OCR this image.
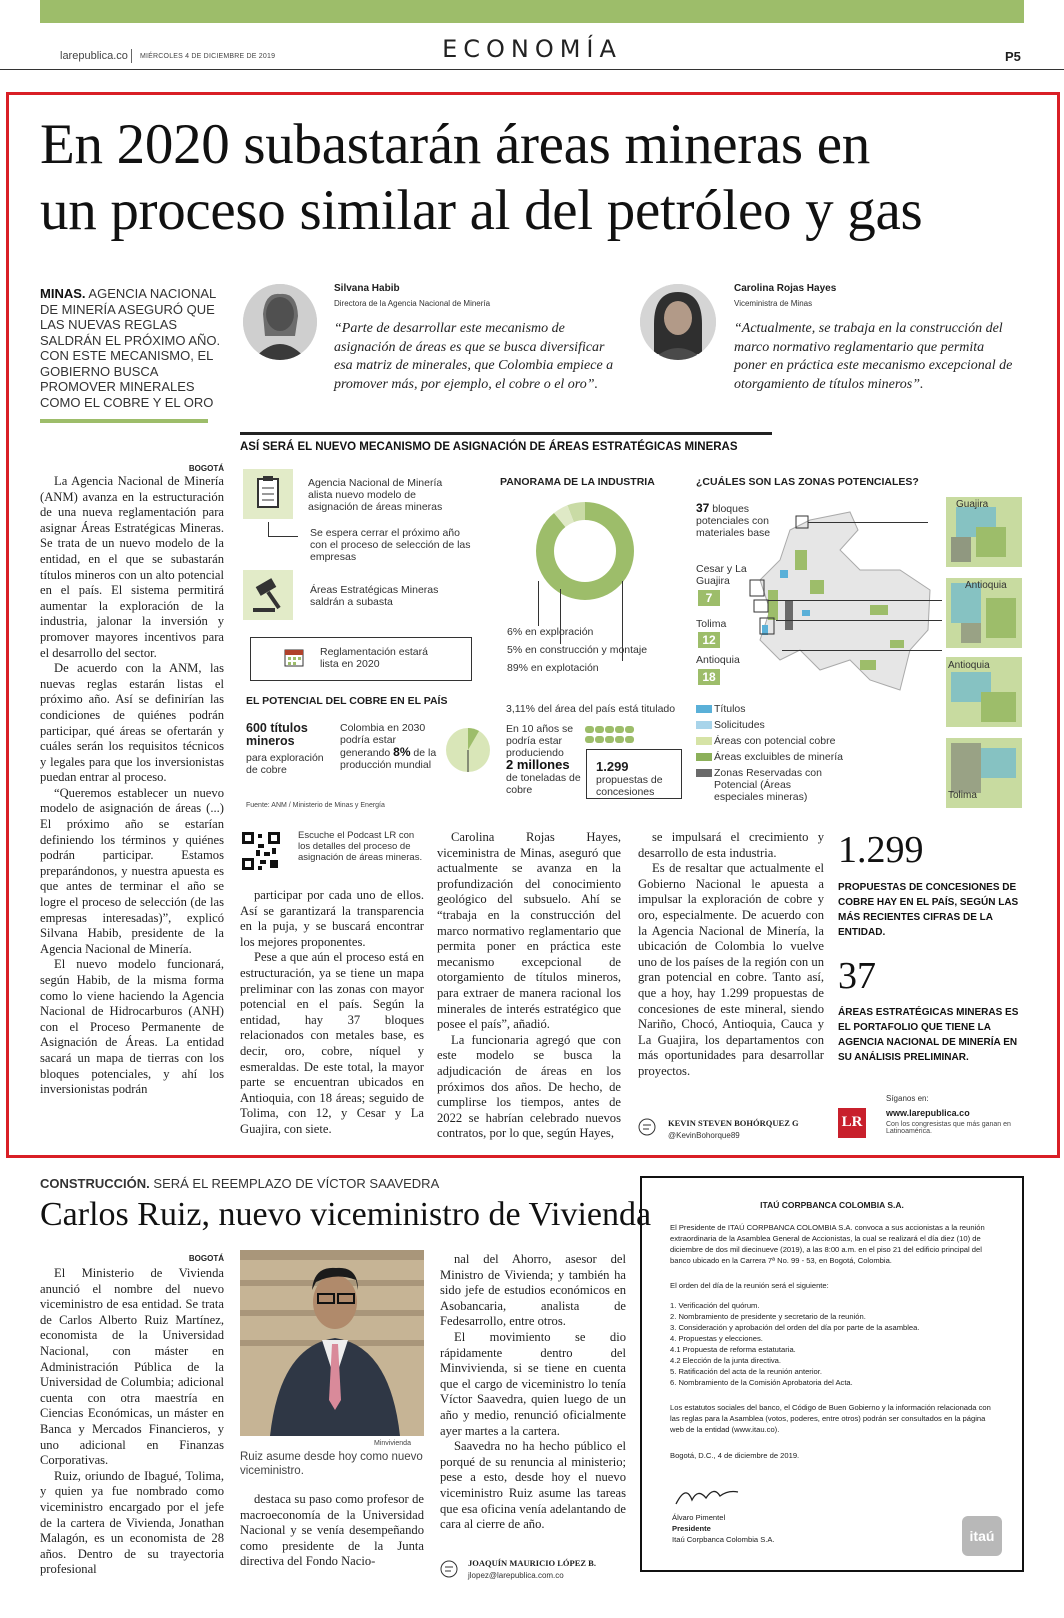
larepublica.co MIÉRCOLES 4 DE DICIEMBRE DE 2019	ECONOMÍA	P5
En 2020 subastarán áreas mineras en
un proceso similar al del petróleo y gas
MINAS. AGENCIA NACIONAL DE MINERÍA ASEGURÓ QUE LAS NUEVAS REGLAS SALDRÁN EL PRÓXIMO AÑO. CON ESTE MECANISMO, EL GOBIERNO BUSCA PROMOVER MINERALES COMO EL COBRE Y EL ORO
Silvana Habib
Directora de la Agencia Nacional de Minería
“Parte de desarrollar este mecanismo de asignación de áreas es que se busca diversificar esa matriz de minerales, que Colombia empiece a promover más, por ejemplo, el cobre o el oro”.
Carolina Rojas Hayes
Viceministra de Minas
“Actualmente, se trabaja en la construcción del marco normativo reglamentario que permita poner en práctica este mecanismo excepcional de otorgamiento de títulos mineros”.
ASÍ SERÁ EL NUEVO MECANISMO DE ASIGNACIÓN DE ÁREAS ESTRATÉGICAS MINERAS
Agencia Nacional de Minería alista nuevo modelo de asignación de áreas mineras
Se espera cerrar el próximo año con el proceso de selección de las empresas
Áreas Estratégicas Mineras saldrán a subasta
Reglamentación estará lista en 2020
PANORAMA DE LA INDUSTRIA
6% en exploración
5% en construcción y montaje
89% en explotación
3,11% del área del país está titulado
En 10 años se podría estar produciendo
2 millones
de toneladas de cobre
1.299
propuestas de concesiones
EL POTENCIAL DEL COBRE EN EL PAÍS
600 títulos mineros
para exploración de cobre
Colombia en 2030 podría estar generando 8% de la producción mundial
Fuente: ANM / Ministerio de Minas y Energía
¿CUÁLES SON LAS ZONAS POTENCIALES?
37 bloques potenciales con materiales base
Cesar y La Guajira
7
Tolima
12
Antioquia
18
Guajira
Antioquia
Antioquia
Tolima
Títulos
Solicitudes
Áreas con potencial cobre
Áreas excluibles de minería
Zonas Reservadas con Potencial (Áreas especiales mineras)
BOGOTÁ

La Agencia Nacional de Minería (ANM) avanza en la estructuración de una nueva reglamentación para asignar Áreas Estratégicas Mineras. Se trata de un nuevo modelo de la entidad, en el que se subastarán títulos mineros con un alto potencial en el país. El sistema permitirá aumentar la exploración de la industria, jalonar la inversión y promover mayores incentivos para el desarrollo del sector.

De acuerdo con la ANM, las nuevas reglas estarán listas el próximo año. Así se definirían las condiciones de quiénes podrán participar, qué áreas se ofertarán y cuáles serán los requisitos técnicos y legales para que los inversionistas puedan entrar al proceso.

“Queremos establecer un nuevo modelo de asignación de áreas (...) El próximo año se estarían definiendo los términos y quiénes podrán participar. Estamos preparándonos, y nuestra apuesta es que antes de terminar el año se logre el proceso de selección (de las empresas interesadas)”, explicó Silvana Habib, presidente de la Agencia Nacional de Minería.

El nuevo modelo funcionará, según Habib, de la misma forma como lo viene haciendo la Agencia Nacional de Hidrocarburos (ANH) con el Proceso Permanente de Asignación de Áreas. La entidad sacará un mapa de tierras con los bloques potenciales, y ahí los inversionistas podrán

Escuche el Podcast LR con los detalles del proceso de asignación de áreas mineras.

participar por cada uno de ellos. Así se garantizará la transparencia en la puja, y se buscará encontrar los mejores proponentes.

Pese a que aún el proceso está en estructuración, ya se tiene un mapa preliminar con las zonas con mayor potencial en el país. Según la entidad, hay 37 bloques relacionados con metales base, es decir, oro, cobre, níquel y esmeraldas. De este total, la mayor parte se encuentran ubicados en Antioquia, con 18 áreas; seguido de Tolima, con 12, y Cesar y La Guajira, con siete.

Carolina Rojas Hayes, viceministra de Minas, aseguró que actualmente se avanza en la profundización del conocimiento geológico del subsuelo. Ahí se “trabaja en la construcción del marco normativo reglamentario que permita poner en práctica este mecanismo excepcional de otorgamiento de títulos mineros, para extraer de manera racional los minerales de interés estratégico que posee el país”, añadió.

La funcionaria agregó que con este modelo se busca la adjudicación de áreas en los próximos dos años. De hecho, de cumplirse los tiempos, antes de 2022 se habrían celebrado nuevos contratos, por lo que, según Hayes,

se impulsará el crecimiento y desarrollo de esta industria.

Es de resaltar que actualmente el Gobierno Nacional le apuesta a impulsar la exploración de cobre y oro, especialmente. De acuerdo con la Agencia Nacional de Minería, la ubicación de Colombia lo vuelve uno de los países de la región con un gran potencial en cobre. Tanto así, que a hoy, hay 1.299 propuestas de concesiones de este mineral, siendo Nariño, Chocó, Antioquia, Cauca y La Guajira, los departamentos con más oportunidades para desarrollar proyectos.

KEVIN STEVEN BOHÓRQUEZ G
@KevinBohorque89
1.299
PROPUESTAS DE CONCESIONES DE COBRE HAY EN EL PAÍS, SEGÚN LAS MÁS RECIENTES CIFRAS DE LA ENTIDAD.
37
ÁREAS ESTRATÉGICAS MINERAS ES EL PORTAFOLIO QUE TIENE LA AGENCIA NACIONAL DE MINERÍA EN SU ANÁLISIS PRELIMINAR.
LR
Síganos en:
www.larepublica.co
Con los congresistas que más ganan en Latinoamérica.
CONSTRUCCIÓN. SERÁ EL REEMPLAZO DE VÍCTOR SAAVEDRA
Carlos Ruiz, nuevo viceministro de Vivienda
BOGOTÁ

El Ministerio de Vivienda anunció el nombre del nuevo viceministro de esa entidad. Se trata de Carlos Alberto Ruiz Martínez, economista de la Universidad Nacional, con máster en Administración Pública de la Universidad de Columbia; adicional cuenta con otra maestría en Ciencias Económicas, un máster en Banca y Mercados Financieros, y uno adicional en Finanzas Corporativas.

Ruiz, oriundo de Ibagué, Tolima, y quien ya fue nombrado como viceministro encargado por el jefe de la cartera de Vivienda, Jonathan Malagón, es un economista de 28 años. Dentro de su trayectoria profesional

Minvivienda
Ruiz asume desde hoy como nuevo viceministro.

destaca su paso como profesor de macroeconomía de la Universidad Nacional y se venía desempeñando como presidente de la Junta directiva del Fondo Nacio-

nal del Ahorro, asesor del Ministro de Vivienda; y también ha sido jefe de estudios económicos en Asobancaria, analista de Fedesarrollo, entre otros.

El movimiento se dio rápidamente dentro del Minvivienda, si se tiene en cuenta que el cargo de viceministro lo tenía Víctor Saavedra, quien luego de un año y medio, renunció oficialmente ayer martes a la cartera.

Saavedra no ha hecho público el porqué de su renuncia al ministerio; pese a esto, desde hoy el nuevo viceministro Ruiz asume las tareas que esa oficina venía adelantando de cara al cierre de año.

JOAQUÍN MAURICIO LÓPEZ B.
jlopez@larepublica.com.co
ITAÚ CORPBANCA COLOMBIA S.A.
El Presidente de ITAÚ CORPBANCA COLOMBIA S.A. convoca a sus accionistas a la reunión extraordinaria de la Asamblea General de Accionistas, la cual se realizará el día diez (10) de diciembre de dos mil diecinueve (2019), a las 8:00 a.m. en el piso 21 del edificio principal del banco ubicado en la Carrera 7ª No. 99 - 53, en Bogotá, Colombia.
El orden del día de la reunión será el siguiente:
1. Verificación del quórum.
2. Nombramiento de presidente y secretario de la reunión.
3. Consideración y aprobación del orden del día por parte de la asamblea.
4. Propuestas y elecciones.
4.1 Propuesta de reforma estatutaria.
4.2 Elección de la junta directiva.
5. Ratificación del acta de la reunión anterior.
6. Nombramiento de la Comisión Aprobatoria del Acta.
Los estatutos sociales del banco, el Código de Buen Gobierno y la información relacionada con las reglas para la Asamblea (votos, poderes, entre otros) podrán ser consultados en la página web de la entidad (www.itau.co).
Bogotá, D.C., 4 de diciembre de 2019.
Álvaro Pimentel
Presidente
Itaú Corpbanca Colombia S.A.	itaú
